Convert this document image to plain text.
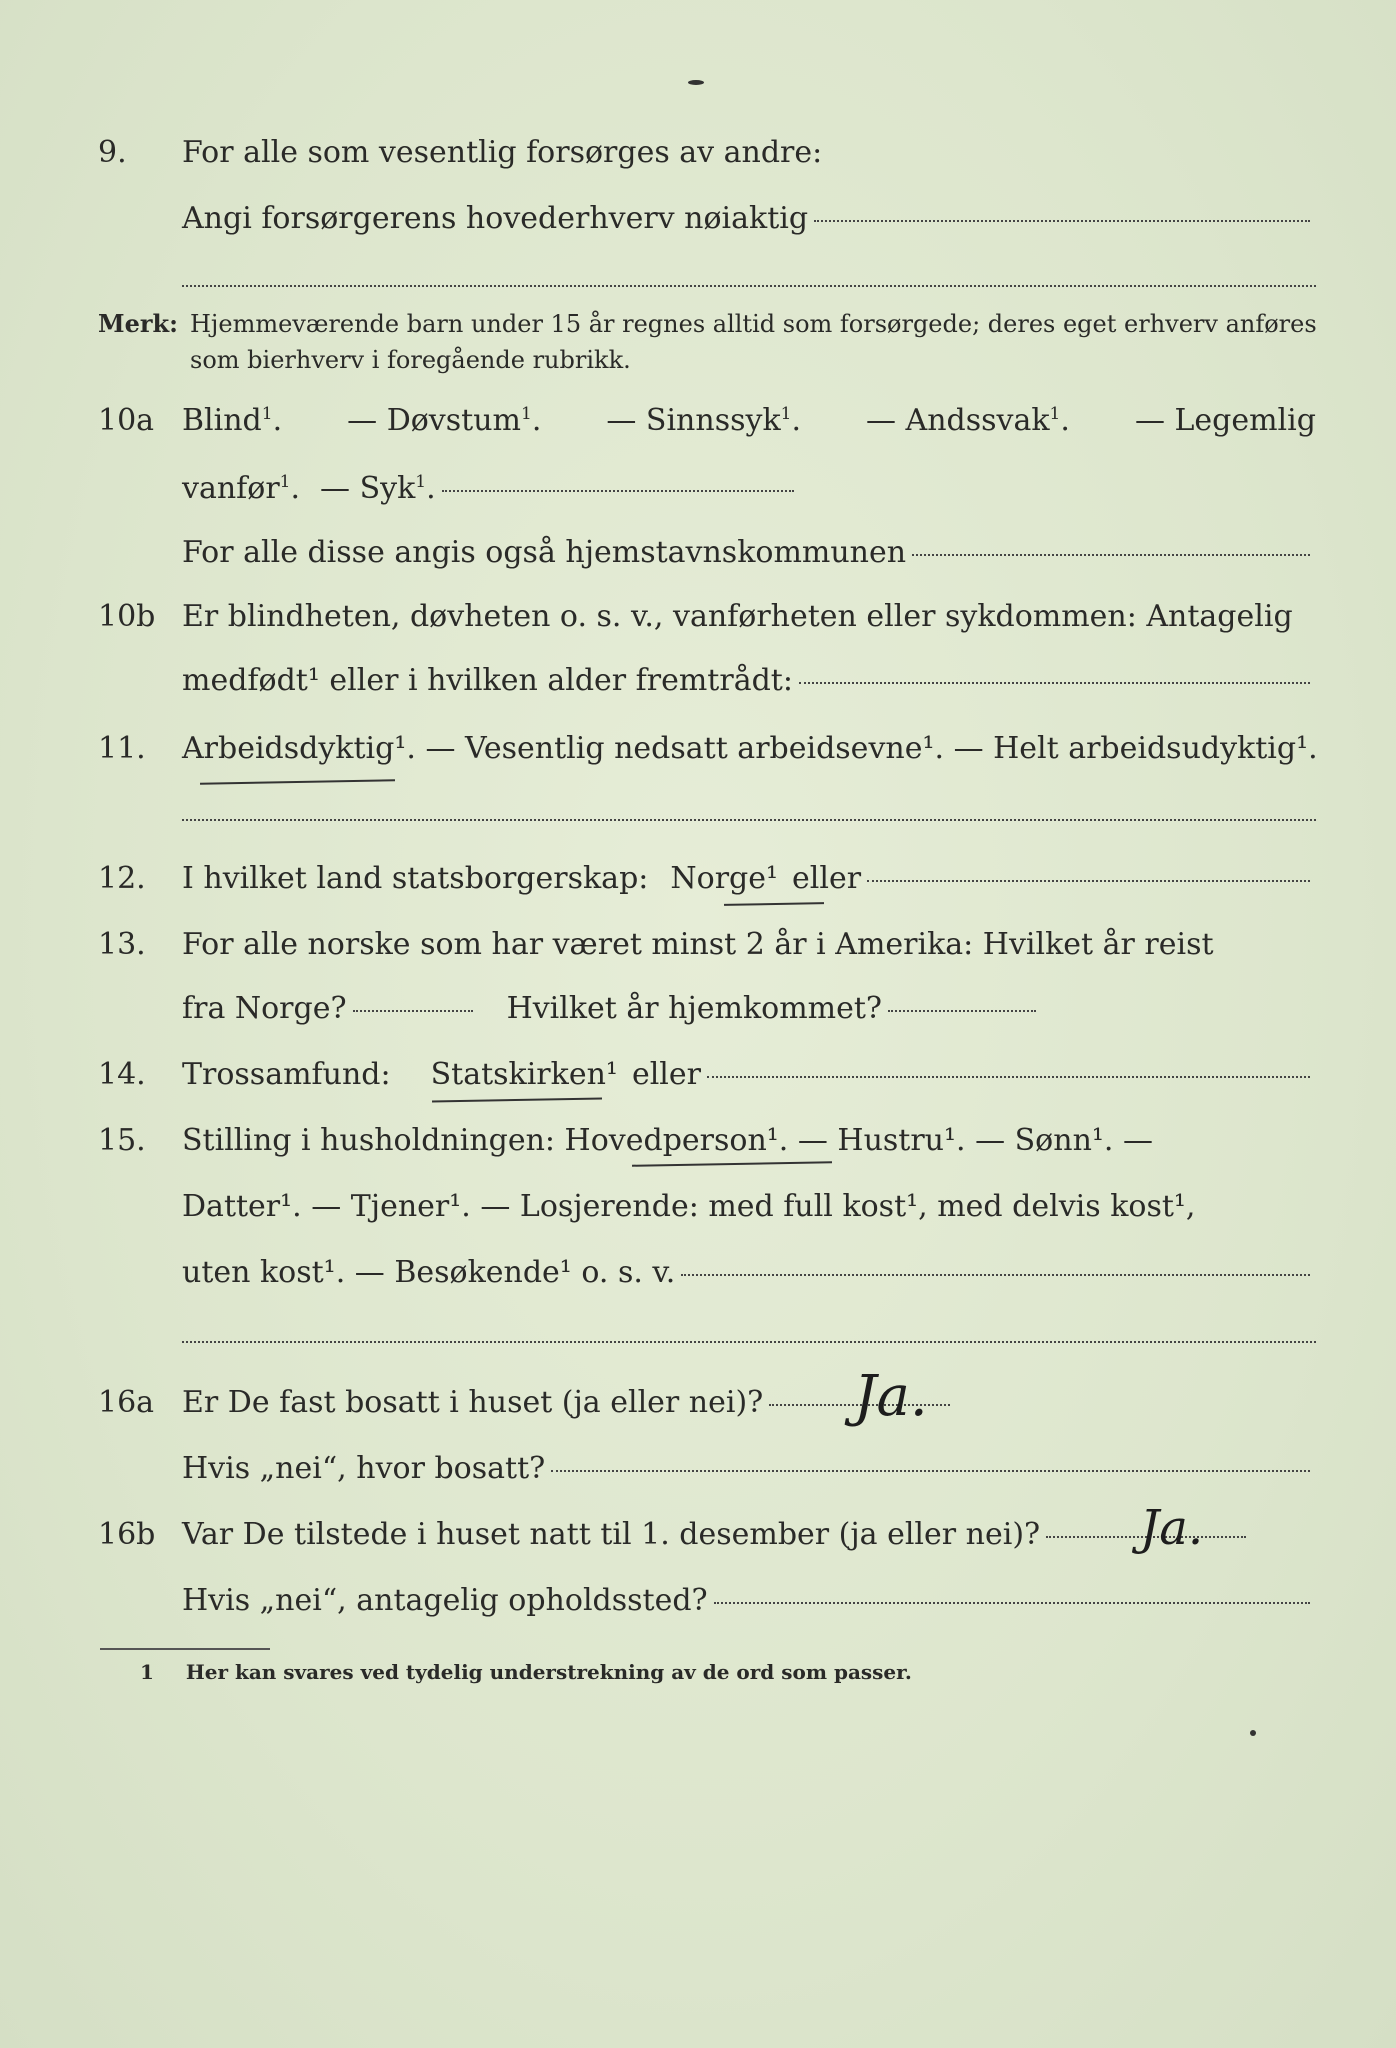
9. For alle som vesentlig forsørges av andre:
Angi forsørgerens hovederhverv nøiaktig
Merk: Hjemmeværende barn under 15 år regnes alltid som forsørgede; deres eget erhverv anføres som bierhverv i foregående rubrikk.
10a Blind$^1$. — Døvstum$^1$. — Sinnssyk$^1$. — Andssvak$^1$. — Legemlig
vanfør$^1$. — Syk$^1$.
For alle disse angis også hjemstavnskommunen
10b Er blindheten, døvheten o. s. v., vanførheten eller sykdommen: Antagelig
medfødt¹ eller i hvilken alder fremtrådt:
11. Arbeidsdyktig¹. — Vesentlig nedsatt arbeidsevne¹. — Helt arbeidsudyktig¹.
12. I hvilket land statsborgerskap: Norge¹ eller
13. For alle norske som har været minst 2 år i Amerika: Hvilket år reist
fra Norge?	Hvilket år hjemkommet?
14. Trossamfund: Statskirken¹ eller
15. Stilling i husholdningen: Hovedperson¹. — Hustru¹. — Sønn¹. —
Datter¹. — Tjener¹. — Losjerende: med full kost¹, med delvis kost¹,
uten kost¹. — Besøkende¹ o. s. v.
16a Er De fast bosatt i huset (ja eller nei)? Ja.
Hvis „nei“, hvor bosatt?
16b Var De tilstede i huset natt til 1. desember (ja eller nei)? Ja.
Hvis „nei“, antagelig opholdssted?
1 Her kan svares ved tydelig understrekning av de ord som passer.
